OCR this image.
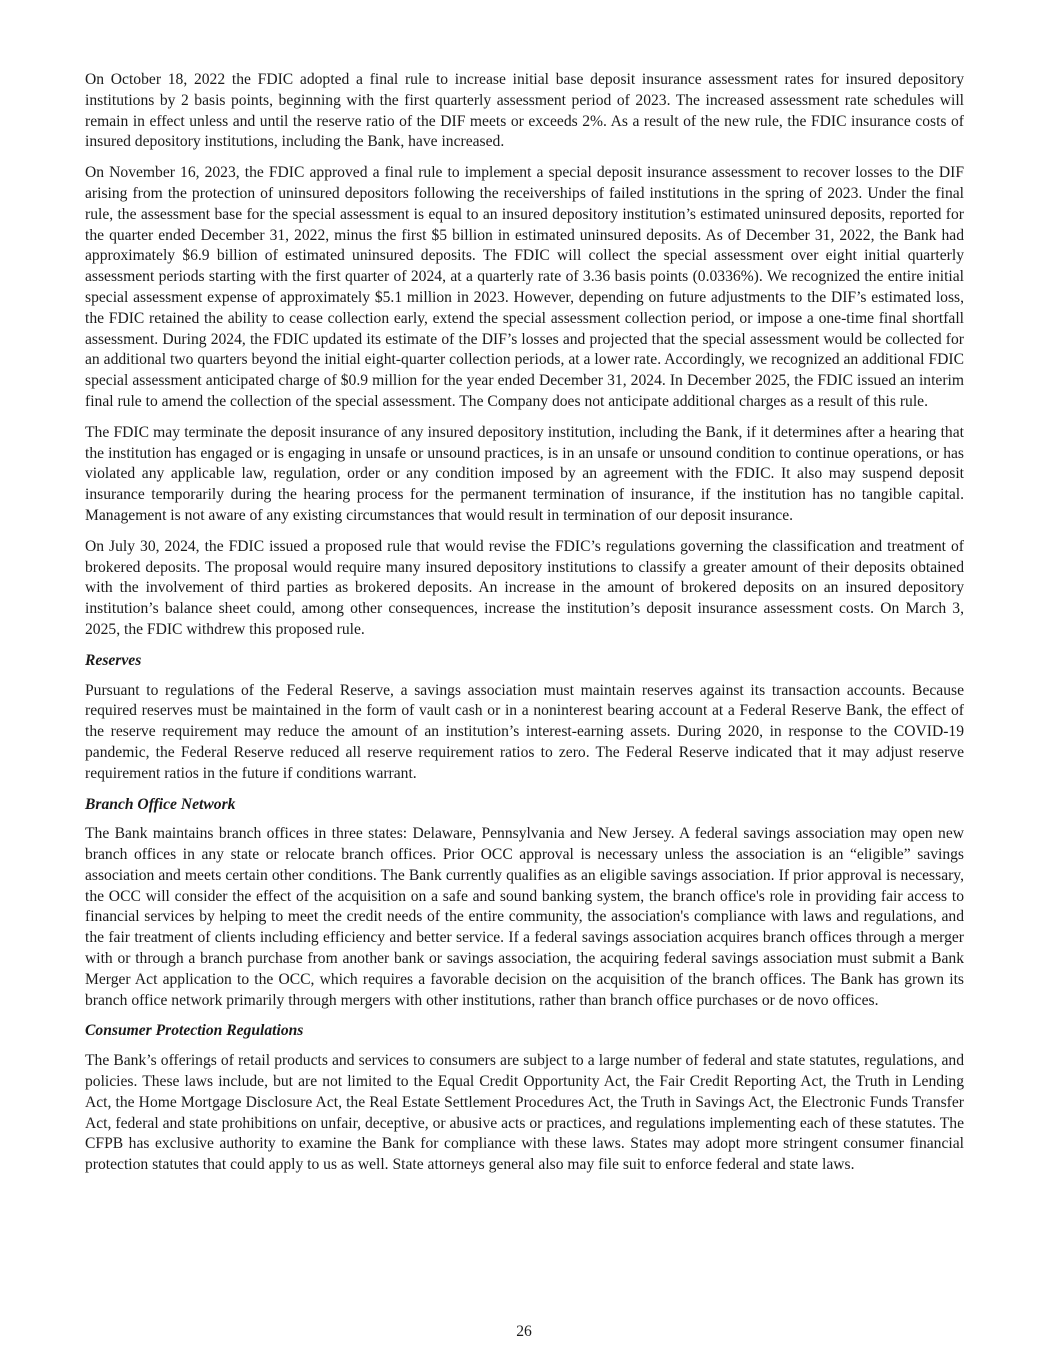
On October 18, 2022 the FDIC adopted a final rule to increase initial base deposit insurance assessment rates for insured depository institutions by 2 basis points, beginning with the first quarterly assessment period of 2023. The increased assessment rate schedules will remain in effect unless and until the reserve ratio of the DIF meets or exceeds 2%. As a result of the new rule, the FDIC insurance costs of insured depository institutions, including the Bank, have increased.

On November 16, 2023, the FDIC approved a final rule to implement a special deposit insurance assessment to recover losses to the DIF arising from the protection of uninsured depositors following the receiverships of failed institutions in the spring of 2023. Under the final rule, the assessment base for the special assessment is equal to an insured depository institution’s estimated uninsured deposits, reported for the quarter ended December 31, 2022, minus the first $5 billion in estimated uninsured deposits. As of December 31, 2022, the Bank had approximately $6.9 billion of estimated uninsured deposits. The FDIC will collect the special assessment over eight initial quarterly assessment periods starting with the first quarter of 2024, at a quarterly rate of 3.36 basis points (0.0336%). We recognized the entire initial special assessment expense of approximately $5.1 million in 2023. However, depending on future adjustments to the DIF’s estimated loss, the FDIC retained the ability to cease collection early, extend the special assessment collection period, or impose a one-time final shortfall assessment. During 2024, the FDIC updated its estimate of the DIF’s losses and projected that the special assessment would be collected for an additional two quarters beyond the initial eight-quarter collection periods, at a lower rate. Accordingly, we recognized an additional FDIC special assessment anticipated charge of $0.9 million for the year ended December 31, 2024. In December 2025, the FDIC issued an interim final rule to amend the collection of the special assessment. The Company does not anticipate additional charges as a result of this rule.

The FDIC may terminate the deposit insurance of any insured depository institution, including the Bank, if it determines after a hearing that the institution has engaged or is engaging in unsafe or unsound practices, is in an unsafe or unsound condition to continue operations, or has violated any applicable law, regulation, order or any condition imposed by an agreement with the FDIC. It also may suspend deposit insurance temporarily during the hearing process for the permanent termination of insurance, if the institution has no tangible capital. Management is not aware of any existing circumstances that would result in termination of our deposit insurance.

On July 30, 2024, the FDIC issued a proposed rule that would revise the FDIC’s regulations governing the classification and treatment of brokered deposits. The proposal would require many insured depository institutions to classify a greater amount of their deposits obtained with the involvement of third parties as brokered deposits. An increase in the amount of brokered deposits on an insured depository institution’s balance sheet could, among other consequences, increase the institution’s deposit insurance assessment costs. On March 3, 2025, the FDIC withdrew this proposed rule.

Reserves

Pursuant to regulations of the Federal Reserve, a savings association must maintain reserves against its transaction accounts. Because required reserves must be maintained in the form of vault cash or in a noninterest bearing account at a Federal Reserve Bank, the effect of the reserve requirement may reduce the amount of an institution’s interest-earning assets. During 2020, in response to the COVID-19 pandemic, the Federal Reserve reduced all reserve requirement ratios to zero. The Federal Reserve indicated that it may adjust reserve requirement ratios in the future if conditions warrant.

Branch Office Network

The Bank maintains branch offices in three states: Delaware, Pennsylvania and New Jersey. A federal savings association may open new branch offices in any state or relocate branch offices. Prior OCC approval is necessary unless the association is an “eligible” savings association and meets certain other conditions. The Bank currently qualifies as an eligible savings association. If prior approval is necessary, the OCC will consider the effect of the acquisition on a safe and sound banking system, the branch office's role in providing fair access to financial services by helping to meet the credit needs of the entire community, the association's compliance with laws and regulations, and the fair treatment of clients including efficiency and better service. If a federal savings association acquires branch offices through a merger with or through a branch purchase from another bank or savings association, the acquiring federal savings association must submit a Bank Merger Act application to the OCC, which requires a favorable decision on the acquisition of the branch offices. The Bank has grown its branch office network primarily through mergers with other institutions, rather than branch office purchases or de novo offices.

Consumer Protection Regulations

The Bank’s offerings of retail products and services to consumers are subject to a large number of federal and state statutes, regulations, and policies. These laws include, but are not limited to the Equal Credit Opportunity Act, the Fair Credit Reporting Act, the Truth in Lending Act, the Home Mortgage Disclosure Act, the Real Estate Settlement Procedures Act, the Truth in Savings Act, the Electronic Funds Transfer Act, federal and state prohibitions on unfair, deceptive, or abusive acts or practices, and regulations implementing each of these statutes. The CFPB has exclusive authority to examine the Bank for compliance with these laws. States may adopt more stringent consumer financial protection statutes that could apply to us as well. State attorneys general also may file suit to enforce federal and state laws.

26
